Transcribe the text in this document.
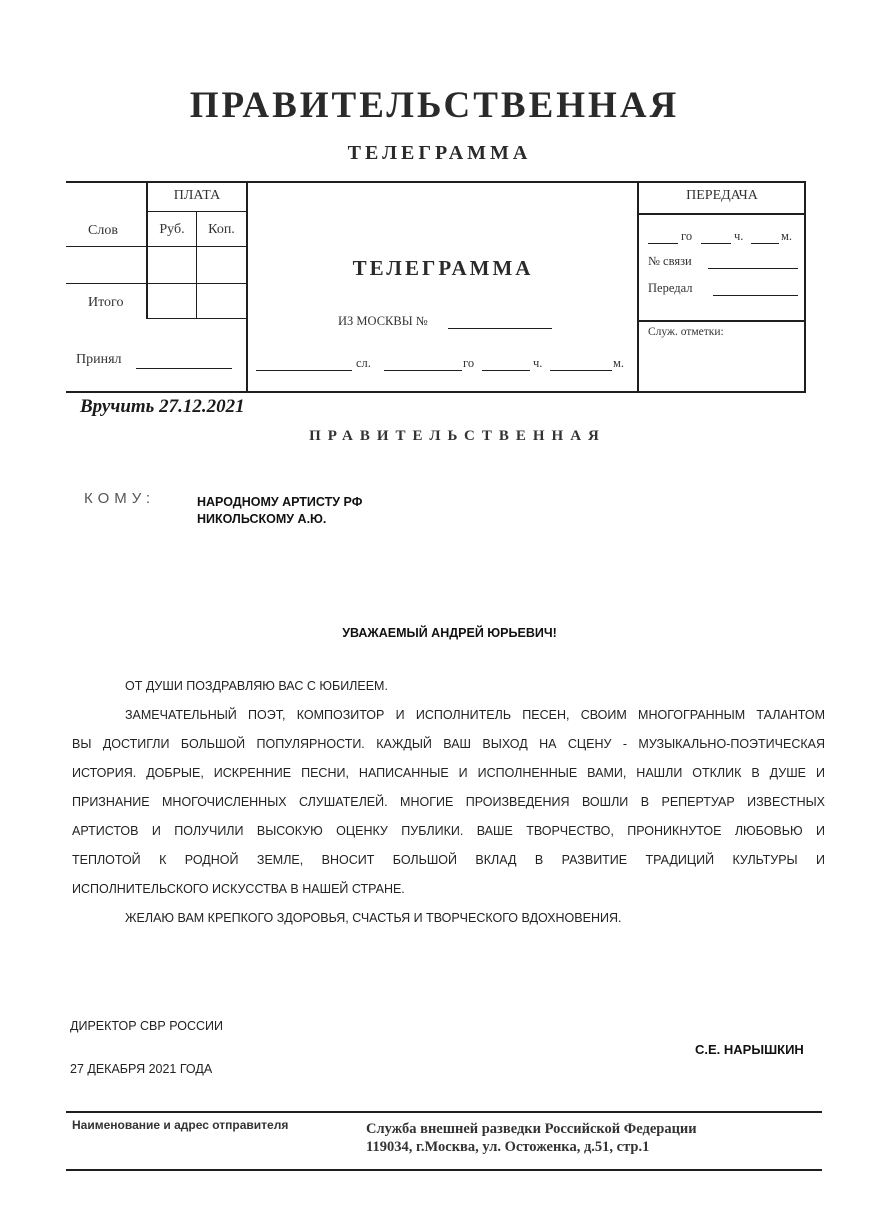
ПРАВИТЕЛЬСТВЕННАЯ
ТЕЛЕГРАММА
ПЛАТА
Слов	Руб.	Коп.
Итого
Принял
ТЕЛЕГРАММА
ИЗ МОСКВЫ №
сл.	го	ч.	м.
ПЕРЕДАЧА
го	ч.	м.
№ связи
Передал
Служ. отметки:
Вручить 27.12.2021
ПРАВИТЕЛЬСТВЕННАЯ
КОМУ:	НАРОДНОМУ АРТИСТУ РФ
НИКОЛЬСКОМУ А.Ю.
УВАЖАЕМЫЙ АНДРЕЙ ЮРЬЕВИЧ!
ОТ ДУШИ ПОЗДРАВЛЯЮ ВАС С ЮБИЛЕЕМ.
ЗАМЕЧАТЕЛЬНЫЙ ПОЭТ, КОМПОЗИТОР И ИСПОЛНИТЕЛЬ ПЕСЕН, СВОИМ МНОГОГРАННЫМ ТАЛАНТОМ
ВЫ ДОСТИГЛИ БОЛЬШОЙ ПОПУЛЯРНОСТИ. КАЖДЫЙ ВАШ ВЫХОД НА СЦЕНУ - МУЗЫКАЛЬНО-ПОЭТИЧЕСКАЯ
ИСТОРИЯ. ДОБРЫЕ, ИСКРЕННИЕ ПЕСНИ, НАПИСАННЫЕ И ИСПОЛНЕННЫЕ ВАМИ, НАШЛИ ОТКЛИК В ДУШЕ И
ПРИЗНАНИЕ МНОГОЧИСЛЕННЫХ СЛУШАТЕЛЕЙ. МНОГИЕ ПРОИЗВЕДЕНИЯ ВОШЛИ В РЕПЕРТУАР ИЗВЕСТНЫХ
АРТИСТОВ И ПОЛУЧИЛИ ВЫСОКУЮ ОЦЕНКУ ПУБЛИКИ. ВАШЕ ТВОРЧЕСТВО, ПРОНИКНУТОЕ ЛЮБОВЬЮ И
ТЕПЛОТОЙ К РОДНОЙ ЗЕМЛЕ, ВНОСИТ БОЛЬШОЙ ВКЛАД В РАЗВИТИЕ ТРАДИЦИЙ КУЛЬТУРЫ И
ИСПОЛНИТЕЛЬСКОГО ИСКУССТВА В НАШЕЙ СТРАНЕ.
ЖЕЛАЮ ВАМ КРЕПКОГО ЗДОРОВЬЯ, СЧАСТЬЯ И ТВОРЧЕСКОГО ВДОХНОВЕНИЯ.
ДИРЕКТОР СВР РОССИИ
С.Е. НАРЫШКИН
27 ДЕКАБРЯ 2021 ГОДА
Наименование и адрес отправителя	Служба внешней разведки Российской Федерации
119034, г.Москва, ул. Остоженка, д.51, стр.1
